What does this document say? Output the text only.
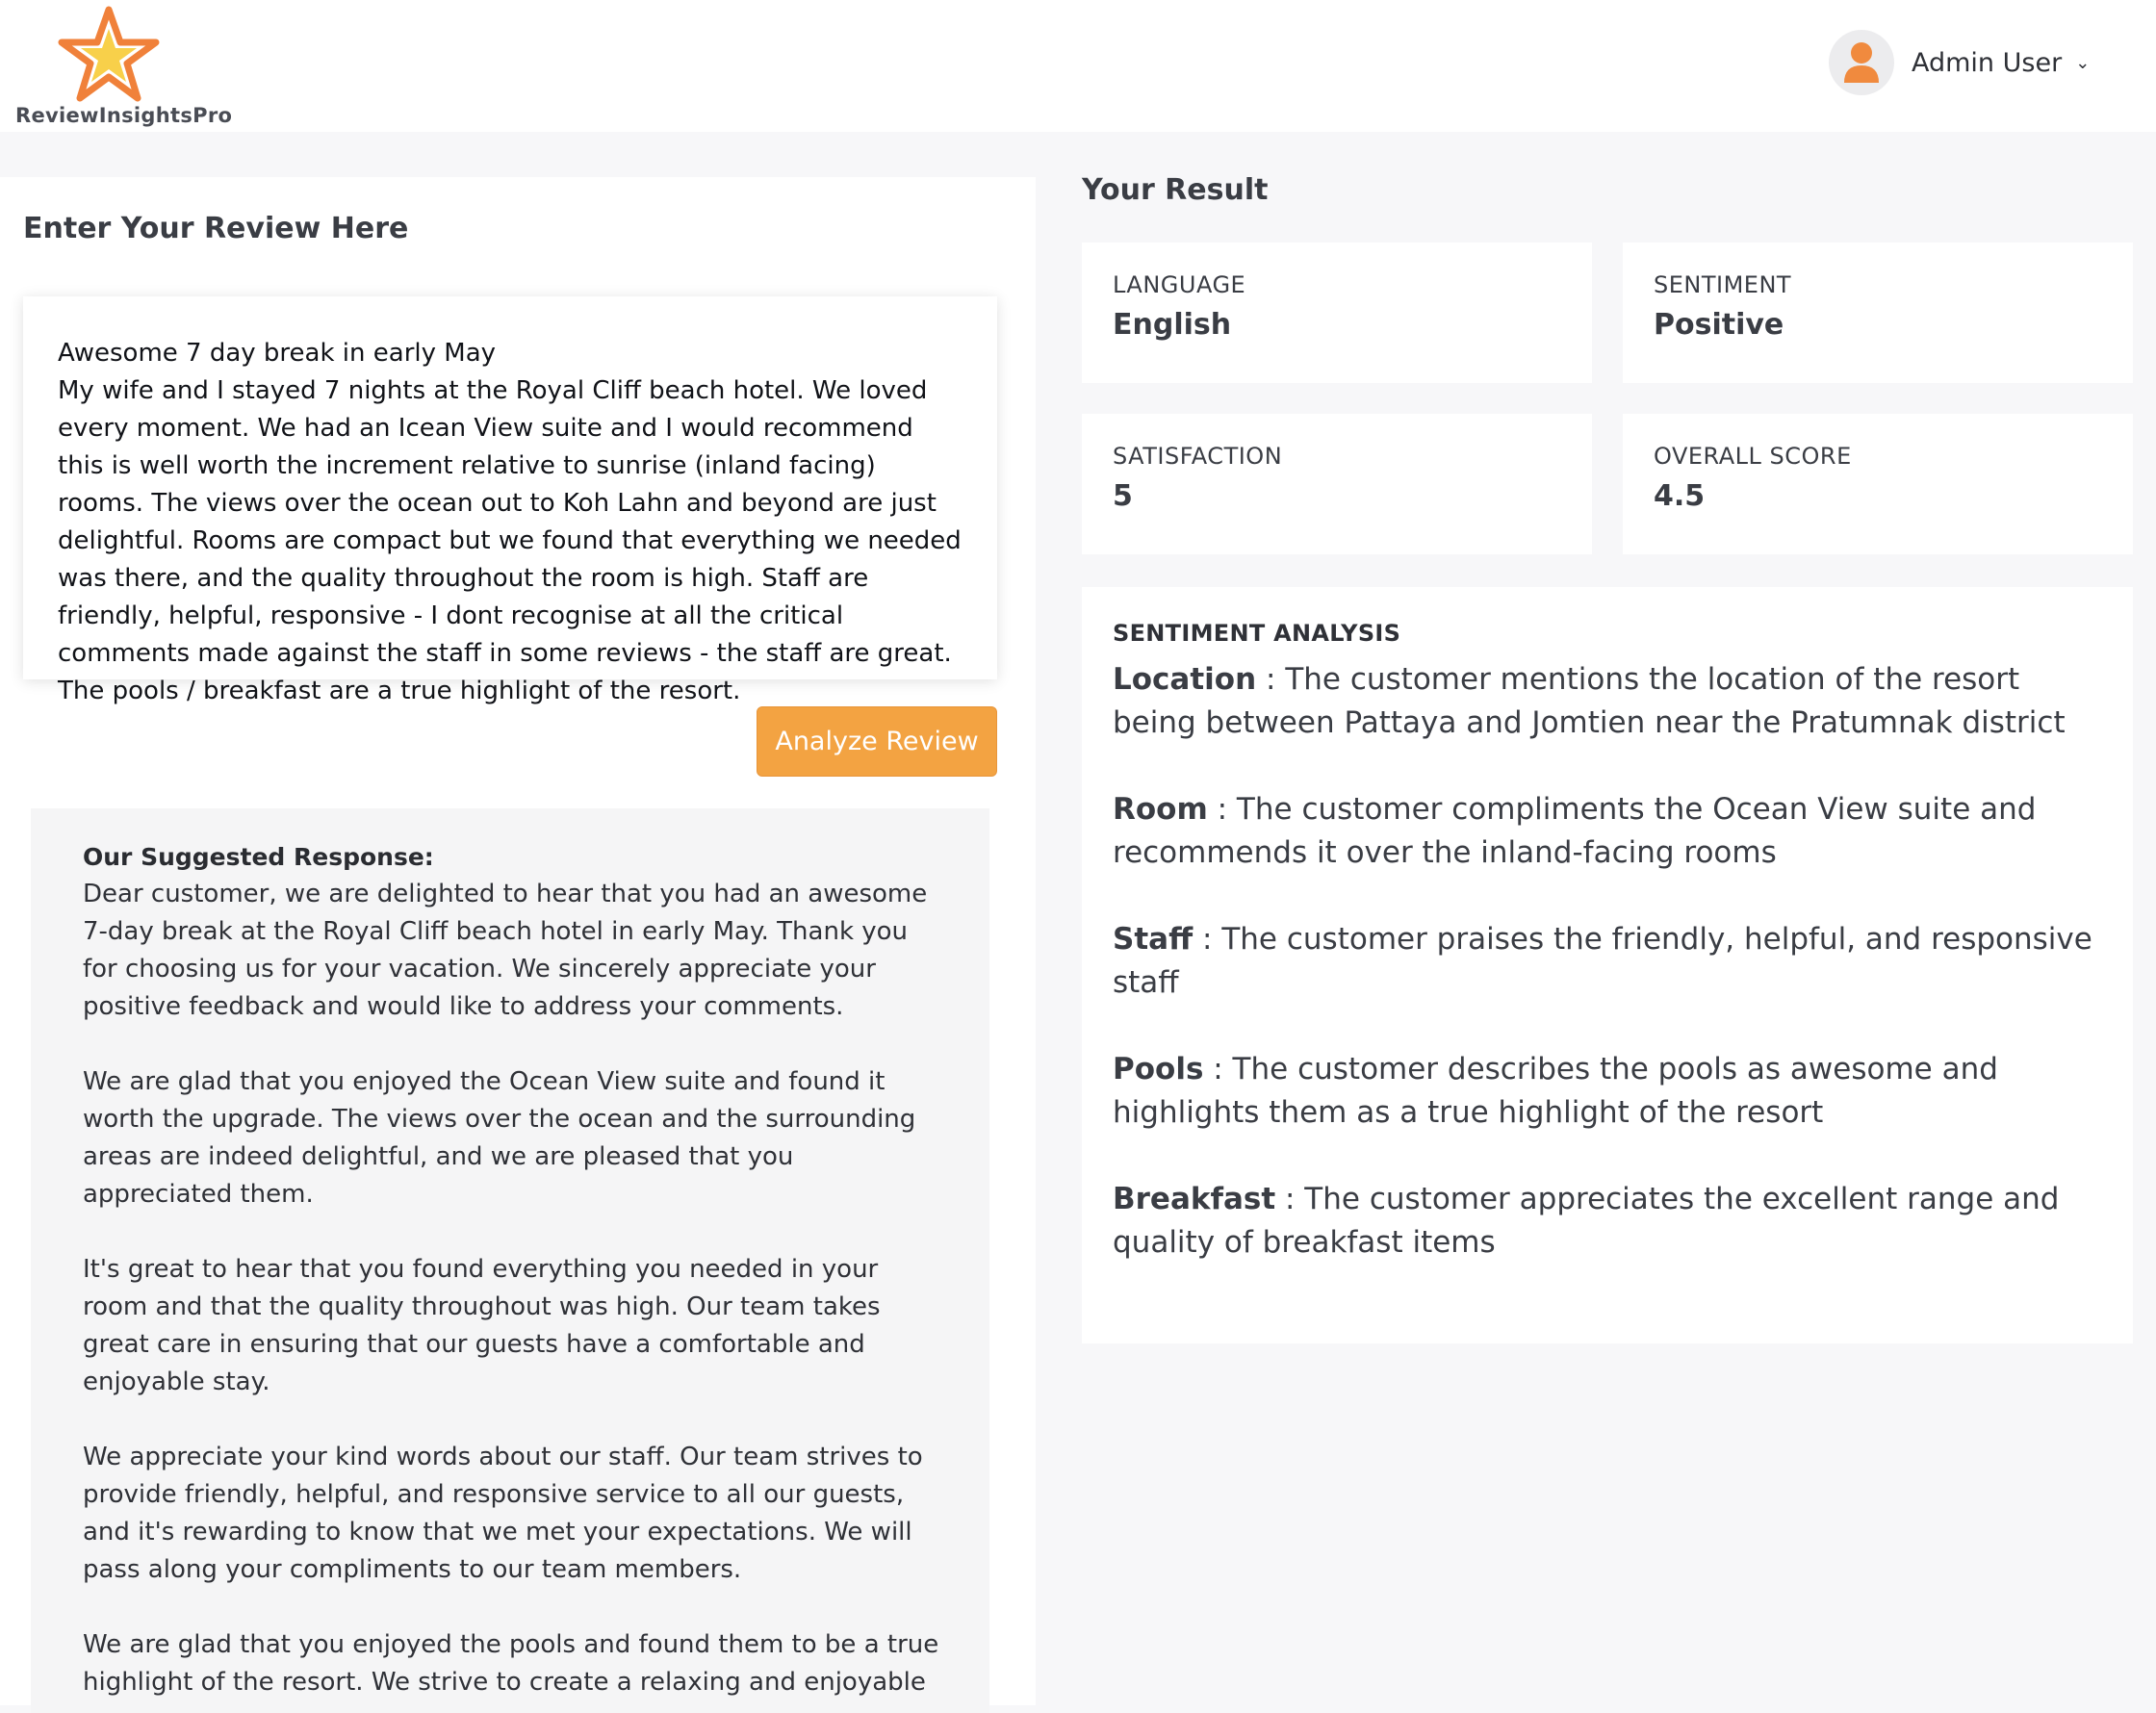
ReviewInsightsPro
Admin User ⌄
Enter Your Review Here
Awesome 7 day break in early May
My wife and I stayed 7 nights at the Royal Cliff beach hotel. We loved every moment. We had an Icean View suite and I would recommend this is well worth the increment relative to sunrise (inland facing) rooms. The views over the ocean out to Koh Lahn and beyond are just delightful. Rooms are compact but we found that everything we needed was there, and the quality throughout the room is high. Staff are friendly, helpful, responsive - I dont recognise at all the critical comments made against the staff in some reviews - the staff are great. The pools / breakfast are a true highlight of the resort.
Analyze Review
Our Suggested Response:

Dear customer, we are delighted to hear that you had an awesome 7-day break at the Royal Cliff beach hotel in early May. Thank you for choosing us for your vacation. We sincerely appreciate your positive feedback and would like to address your comments.

We are glad that you enjoyed the Ocean View suite and found it worth the upgrade. The views over the ocean and the surrounding areas are indeed delightful, and we are pleased that you appreciated them.

It's great to hear that you found everything you needed in your room and that the quality throughout was high. Our team takes great care in ensuring that our guests have a comfortable and enjoyable stay.

We appreciate your kind words about our staff. Our team strives to provide friendly, helpful, and responsive service to all our guests, and it's rewarding to know that we met your expectations. We will pass along your compliments to our team members.

We are glad that you enjoyed the pools and found them to be a true highlight of the resort. We strive to create a relaxing and enjoyable

Your Result
LANGUAGE
English
SENTIMENT
Positive
SATISFACTION
5
OVERALL SCORE
4.5
SENTIMENT ANALYSIS
Location : The customer mentions the location of the resort being between Pattaya and Jomtien near the Pratumnak district
Room : The customer compliments the Ocean View suite and recommends it over the inland-facing rooms
Staff : The customer praises the friendly, helpful, and responsive staff
Pools : The customer describes the pools as awesome and highlights them as a true highlight of the resort
Breakfast : The customer appreciates the excellent range and quality of breakfast items
